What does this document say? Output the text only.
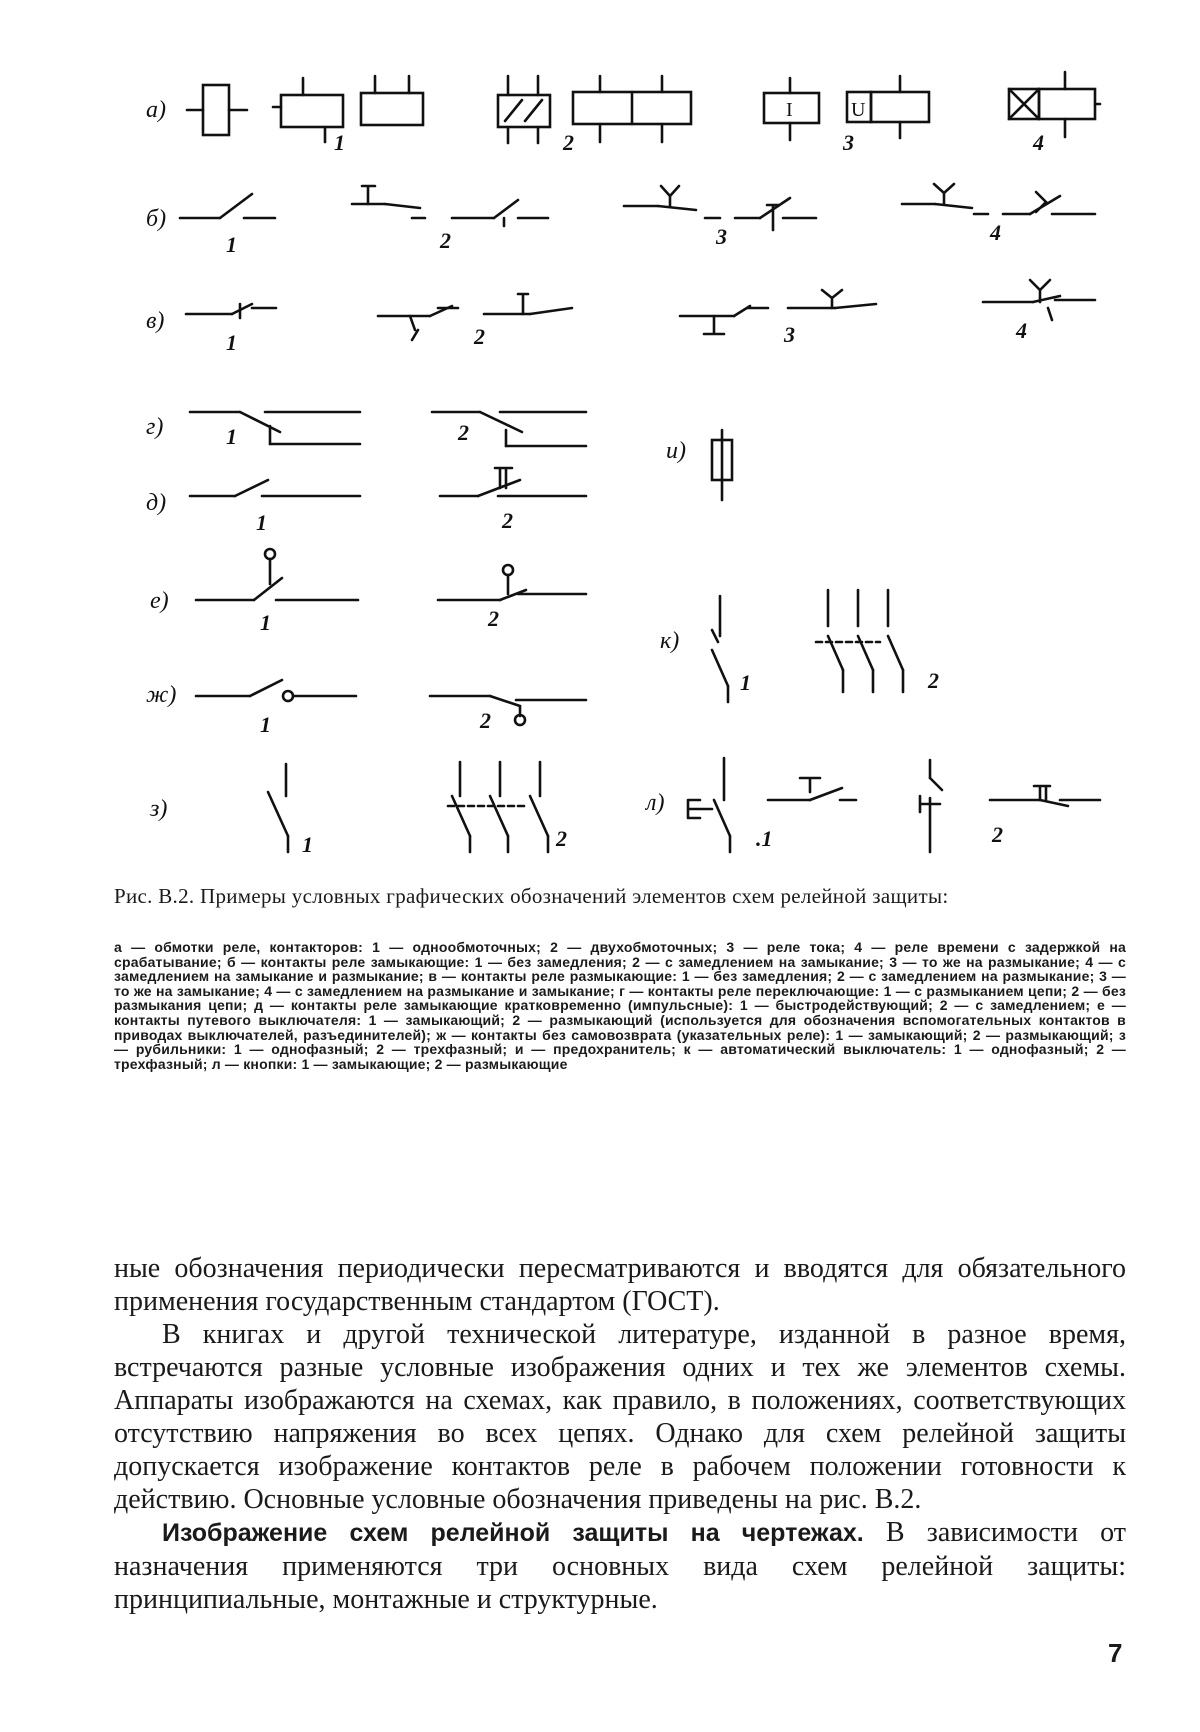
I	U
а)
б)
в)
г)
д)
е)
ж)
з)
и)
к)
л)
1	2	3	4
1	2	3	4
1	2	3	4
1	2
1	2
1	2
1	2
1	2
1	2	.1	2
Рис. В.2. Примеры условных графических обозначений элементов схем релейной защиты:
а — обмотки реле, контакторов: 1 — однообмоточных; 2 — двухобмоточных; 3 — реле тока; 4 — реле времени с задержкой на срабатывание; б — контакты реле замыкающие: 1 — без замедления; 2 — с замедлением на замыкание; 3 — то же на размыкание; 4 — с замедлением на замыкание и размыкание; в — контакты реле размыкающие: 1 — без замедления; 2 — с замедлением на размыкание; 3 — то же на замыкание; 4 — с замедлением на размыкание и замыкание; г — контакты реле переключающие: 1 — с размыканием цепи; 2 — без размыкания цепи; д — контакты реле замыкающие кратковременно (импульсные): 1 — быстродействующий; 2 — с замедлением; е — контакты путевого выключателя: 1 — замыкающий; 2 — размыкающий (используется для обозначения вспомогательных контактов в приводах выключателей, разъединителей); ж — контакты без самовозврата (указательных реле): 1 — замыкающий; 2 — размыкающий; з — рубильники: 1 — однофазный; 2 — трехфазный; и — предохранитель; к — автоматический выключатель: 1 — однофазный; 2 — трехфазный; л — кнопки: 1 — замыкающие; 2 — размыкающие

ные обозначения периодически пересматриваются и вводятся для обязательного применения государственным стандартом (ГОСТ).

В книгах и другой технической литературе, изданной в разное время, встречаются разные условные изображения одних и тех же элементов схемы. Аппараты изображаются на схемах, как правило, в положениях, соответствующих отсутствию напряжения во всех цепях. Однако для схем релейной защиты допускается изображение контактов реле в рабочем положении готовности к действию. Основные условные обозначения приведены на рис. В.2.

Изображение схем релейной защиты на чертежах. В зависимости от назначения применяются три основных вида схем релейной защиты: принципиальные, монтажные и структурные.

7
